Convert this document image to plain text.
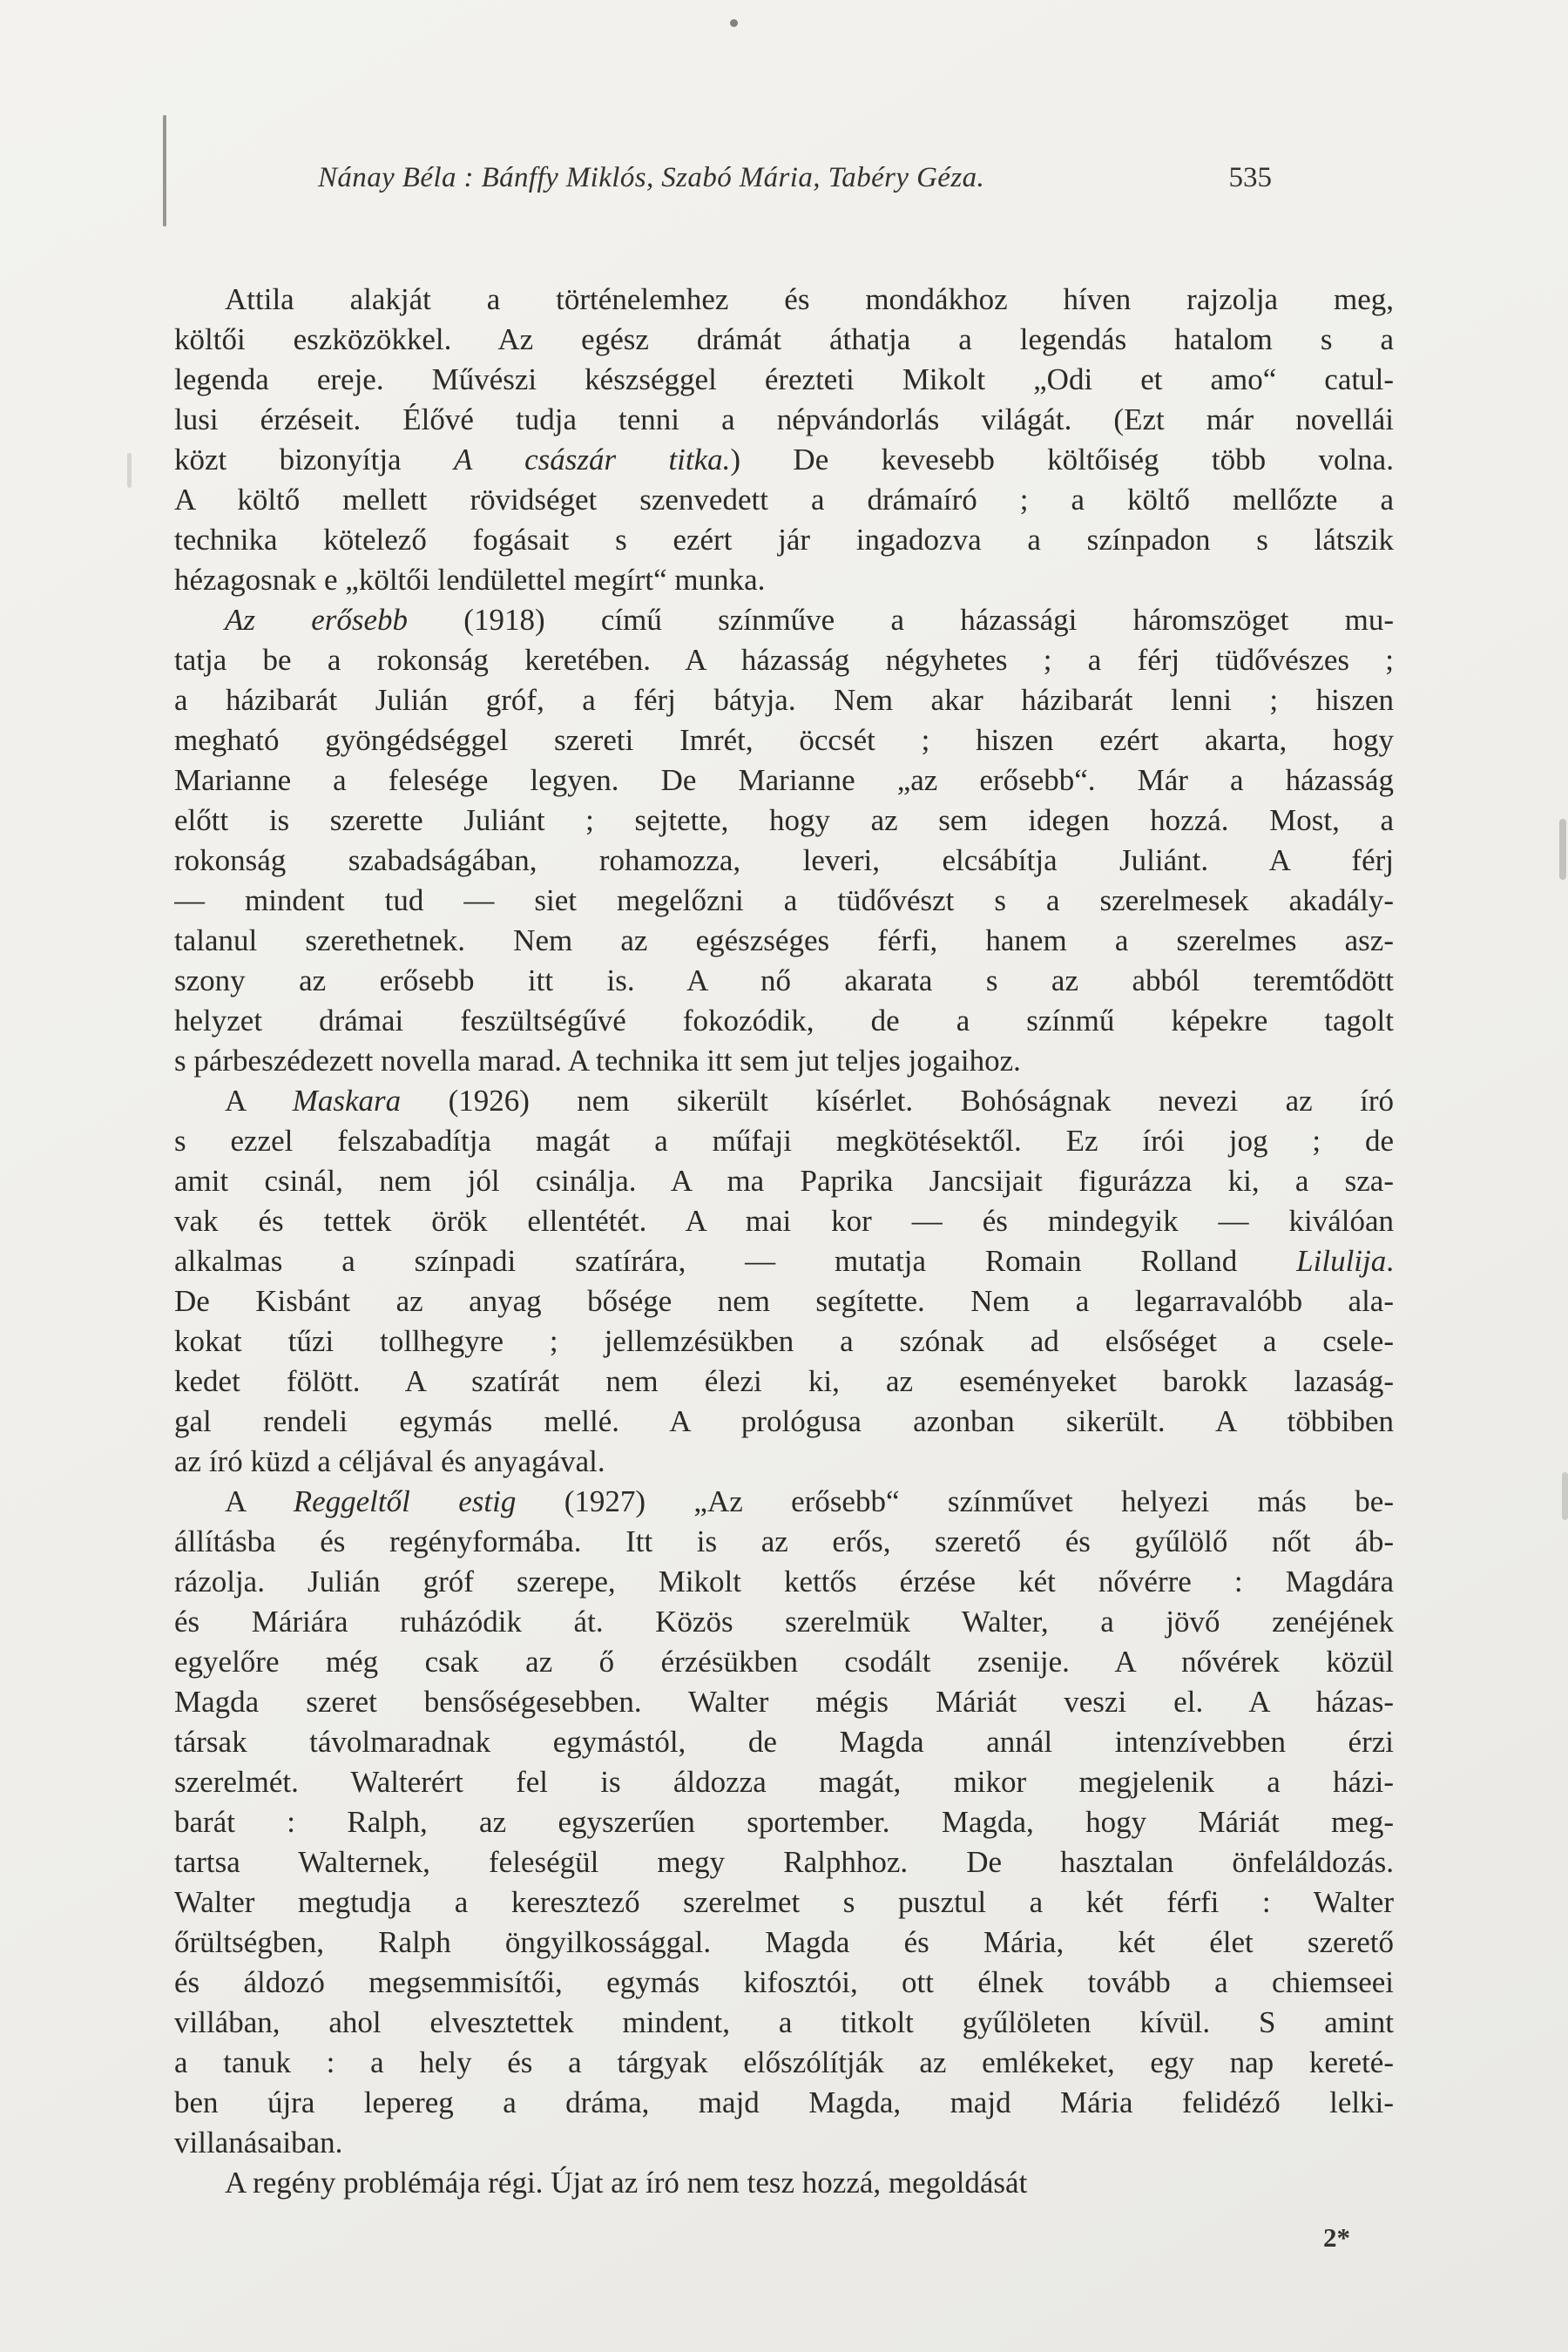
Nánay Béla : Bánffy Miklós, Szabó Mária, Tabéry Géza.	535
Attila alakját a történelemhez és mondákhoz híven rajzolja meg,
költői eszközökkel. Az egész drámát áthatja a legendás hatalom s a
legenda ereje. Művészi készséggel érezteti Mikolt „Odi et amo“ catul-
lusi érzéseit. Élővé tudja tenni a népvándorlás világát. (Ezt már novellái
közt bizonyítja A császár titka.) De kevesebb költőiség több volna.
A költő mellett rövidséget szenvedett a drámaíró ; a költő mellőzte a
technika kötelező fogásait s ezért jár ingadozva a színpadon s látszik
hézagosnak e „költői lendülettel megírt“ munka.
Az erősebb (1918) című színműve a házassági háromszöget mu-
tatja be a rokonság keretében. A házasság négyhetes ; a férj tüdővészes ;
a házibarát Julián gróf, a férj bátyja. Nem akar házibarát lenni ; hiszen
megható gyöngédséggel szereti Imrét, öccsét ; hiszen ezért akarta, hogy
Marianne a felesége legyen. De Marianne „az erősebb“. Már a házasság
előtt is szerette Juliánt ; sejtette, hogy az sem idegen hozzá. Most, a
rokonság szabadságában, rohamozza, leveri, elcsábítja Juliánt. A férj
— mindent tud — siet megelőzni a tüdővészt s a szerelmesek akadály-
talanul szerethetnek. Nem az egészséges férfi, hanem a szerelmes asz-
szony az erősebb itt is. A nő akarata s az abból teremtődött
helyzet drámai feszültségűvé fokozódik, de a színmű képekre tagolt
s párbeszédezett novella marad. A technika itt sem jut teljes jogaihoz.
A Maskara (1926) nem sikerült kísérlet. Bohóságnak nevezi az író
s ezzel felszabadítja magát a műfaji megkötésektől. Ez írói jog ; de
amit csinál, nem jól csinálja. A ma Paprika Jancsijait figurázza ki, a sza-
vak és tettek örök ellentétét. A mai kor — és mindegyik — kiválóan
alkalmas a színpadi szatírára, — mutatja Romain Rolland Lilulija.
De Kisbánt az anyag bősége nem segítette. Nem a legarravalóbb ala-
kokat tűzi tollhegyre ; jellemzésükben a szónak ad elsőséget a csele-
kedet fölött. A szatírát nem élezi ki, az eseményeket barokk lazaság-
gal rendeli egymás mellé. A prológusa azonban sikerült. A többiben
az író küzd a céljával és anyagával.
A Reggeltől estig (1927) „Az erősebb“ színművet helyezi más be-
állításba és regényformába. Itt is az erős, szerető és gyűlölő nőt áb-
rázolja. Julián gróf szerepe, Mikolt kettős érzése két nővérre : Magdára
és Máriára ruházódik át. Közös szerelmük Walter, a jövő zenéjének
egyelőre még csak az ő érzésükben csodált zsenije. A nővérek közül
Magda szeret bensőségesebben. Walter mégis Máriát veszi el. A házas-
társak távolmaradnak egymástól, de Magda annál intenzívebben érzi
szerelmét. Walterért fel is áldozza magát, mikor megjelenik a házi-
barát : Ralph, az egyszerűen sportember. Magda, hogy Máriát meg-
tartsa Walternek, feleségül megy Ralphhoz. De hasztalan önfeláldozás.
Walter megtudja a keresztező szerelmet s pusztul a két férfi : Walter
őrültségben, Ralph öngyilkossággal. Magda és Mária, két élet szerető
és áldozó megsemmisítői, egymás kifosztói, ott élnek tovább a chiemseei
villában, ahol elvesztettek mindent, a titkolt gyűlöleten kívül. S amint
a tanuk : a hely és a tárgyak előszólítják az emlékeket, egy nap kereté-
ben újra lepereg a dráma, majd Magda, majd Mária felidéző lelki-
villanásaiban.
A regény problémája régi. Újat az író nem tesz hozzá, megoldását
2*
